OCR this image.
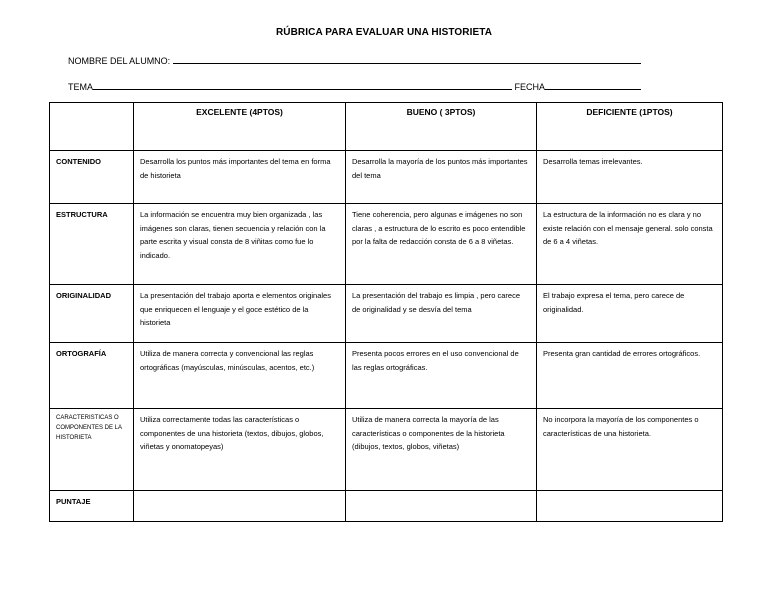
RÚBRICA PARA EVALUAR UNA HISTORIETA
NOMBRE DEL ALUMNO:
TEMA	FECHA
	EXCELENTE (4PTOS)	BUENO ( 3PTOS)	DEFICIENTE (1PTOS)
CONTENIDO	Desarrolla los puntos más importantes del tema en forma de historieta	Desarrolla la mayoría de los puntos más importantes del tema	Desarrolla temas irrelevantes.
ESTRUCTURA	La información se encuentra muy bien organizada , las imágenes son claras, tienen secuencia y relación con la parte escrita y visual consta de 8 viñitas como fue lo indicado.	Tiene coherencia, pero algunas e imágenes no son claras , a estructura de lo escrito es poco entendible por la falta de redacción consta de 6 a 8 viñetas.	La estructura de la información no es clara y no existe relación con el mensaje general. solo consta de 6 a 4 viñetas.
ORIGINALIDAD	La presentación del trabajo aporta e elementos originales que enriquecen el lenguaje y el goce estético de la historieta	La presentación del trabajo es limpia , pero carece de originalidad y se desvía del tema	El trabajo expresa el tema, pero carece de originalidad.
ORTOGRAFÍA	Utiliza de manera correcta y convencional las reglas ortográficas (mayúsculas, minúsculas, acentos, etc.)	Presenta pocos errores en el uso convencional de las reglas ortográficas.	Presenta gran cantidad de errores ortográficos.
CARACTERISTICAS O COMPONENTES DE LA HISTORIETA	Utiliza correctamente todas las características o componentes de una historieta (textos, dibujos, globos, viñetas y onomatopeyas)	Utiliza de manera correcta la mayoría de las características o componentes de la historieta (dibujos, textos, globos, viñetas)	No incorpora la mayoría de los componentes o características de una historieta.
PUNTAJE			
